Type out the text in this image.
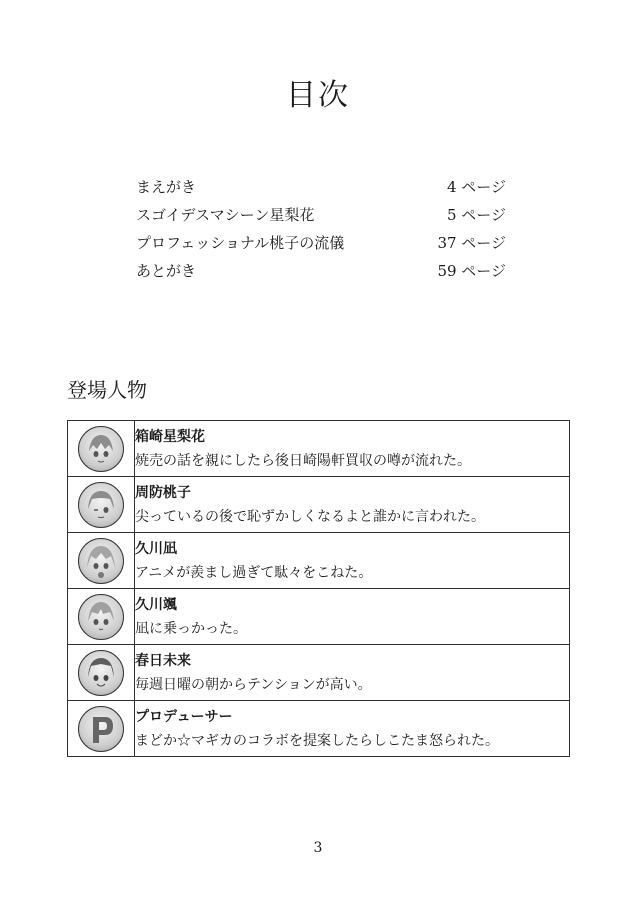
目次
まえがき	4 ページ
スゴイデスマシーン星梨花	5 ページ
プロフェッショナル桃子の流儀	37 ページ
あとがき	59 ページ
登場人物

箱崎星梨花
焼売の話を親にしたら後日崎陽軒買収の噂が流れた。

周防桃子
尖っているの後で恥ずかしくなるよと誰かに言われた。

久川凪
アニメが羨まし過ぎて駄々をこねた。

久川颯
凪に乗っかった。

春日未来
毎週日曜の朝からテンションが高い。

プロデューサー
まどか☆マギカのコラボを提案したらしこたま怒られた。
3
